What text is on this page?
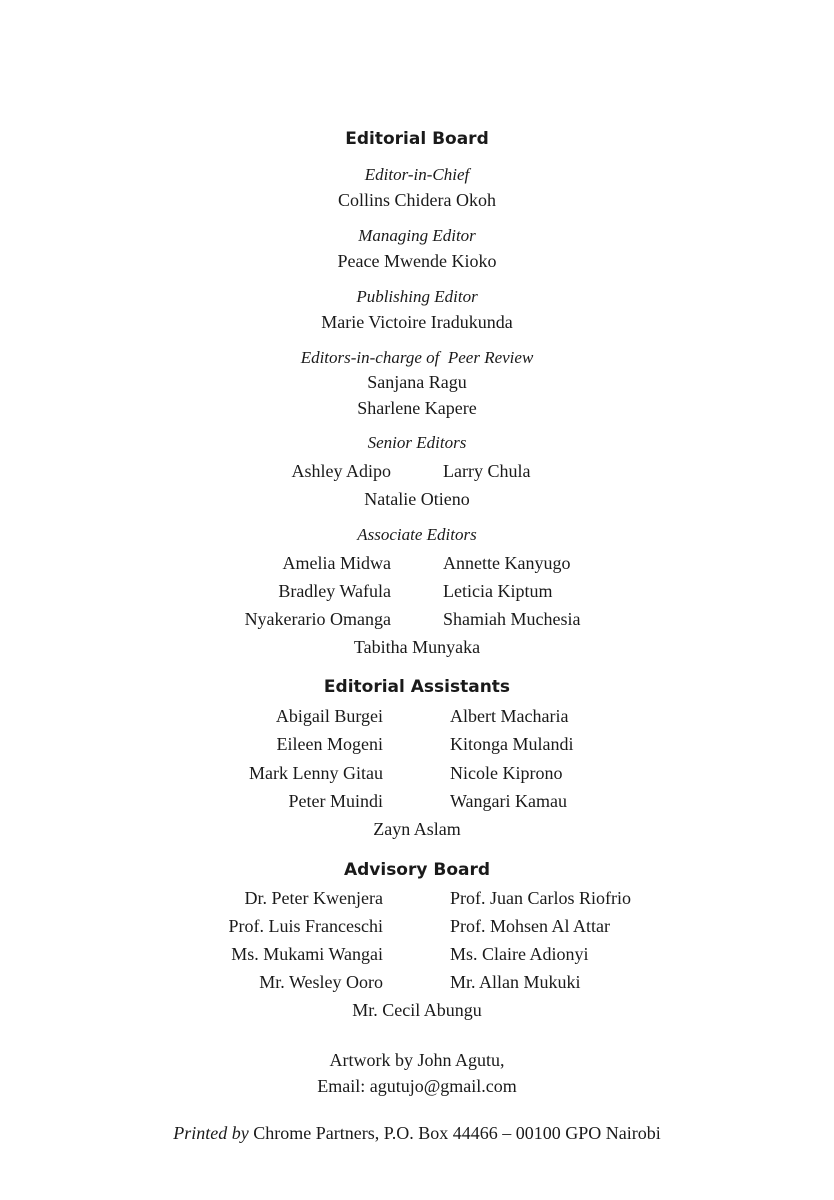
Editorial Board
Editor-in-Chief
Collins Chidera Okoh
Managing Editor
Peace Mwende Kioko
Publishing Editor
Marie Victoire Iradukunda
Editors-in-charge of  Peer Review
Sanjana Ragu
Sharlene Kapere
Senior Editors
Ashley Adipo	Larry Chula
Natalie Otieno
Associate Editors
Amelia Midwa	Annette Kanyugo
Bradley Wafula	Leticia Kiptum
Nyakerario Omanga	Shamiah Muchesia
Tabitha Munyaka
Editorial Assistants
Abigail Burgei	Albert Macharia
Eileen Mogeni	Kitonga Mulandi
Mark Lenny Gitau	Nicole Kiprono
Peter Muindi	Wangari Kamau
Zayn Aslam
Advisory Board
Dr. Peter Kwenjera	Prof. Juan Carlos Riofrio
Prof. Luis Franceschi	Prof. Mohsen Al Attar
Ms. Mukami Wangai	Ms. Claire Adionyi
Mr. Wesley Ooro	Mr. Allan Mukuki
Mr. Cecil Abungu
Artwork by John Agutu,
Email: agutujo@gmail.com
Printed by Chrome Partners, P.O. Box 44466 – 00100 GPO Nairobi
